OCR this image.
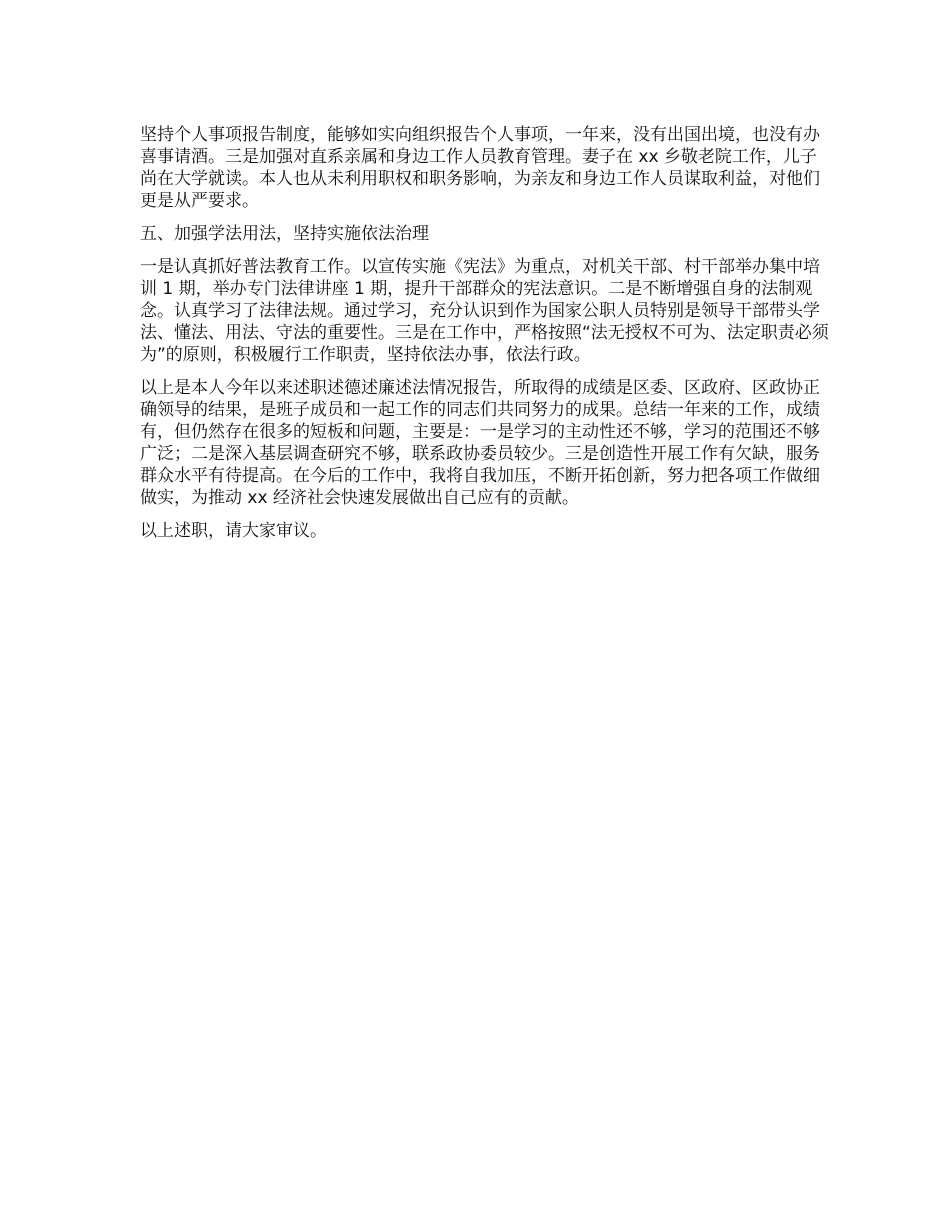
坚持个人事项报告制度，能够如实向组织报告个人事项，一年来，没有出国出境，也没有办喜事请酒。三是加强对直系亲属和身边工作人员教育管理。妻子在 xx 乡敬老院工作，儿子尚在大学就读。本人也从未利用职权和职务影响，为亲友和身边工作人员谋取利益，对他们更是从严要求。

五、加强学法用法，坚持实施依法治理

一是认真抓好普法教育工作。以宣传实施《宪法》为重点，对机关干部、村干部举办集中培训 1 期，举办专门法律讲座 1 期，提升干部群众的宪法意识。二是不断增强自身的法制观念。认真学习了法律法规。通过学习，充分认识到作为国家公职人员特别是领导干部带头学法、懂法、用法、守法的重要性。三是在工作中，严格按照“法无授权不可为、法定职责必须为”的原则，积极履行工作职责，坚持依法办事，依法行政。

以上是本人今年以来述职述德述廉述法情况报告，所取得的成绩是区委、区政府、区政协正确领导的结果，是班子成员和一起工作的同志们共同努力的成果。总结一年来的工作，成绩有，但仍然存在很多的短板和问题，主要是：一是学习的主动性还不够，学习的范围还不够广泛；二是深入基层调查研究不够，联系政协委员较少。三是创造性开展工作有欠缺，服务群众水平有待提高。在今后的工作中，我将自我加压，不断开拓创新，努力把各项工作做细做实，为推动 xx 经济社会快速发展做出自己应有的贡献。

以上述职，请大家审议。
